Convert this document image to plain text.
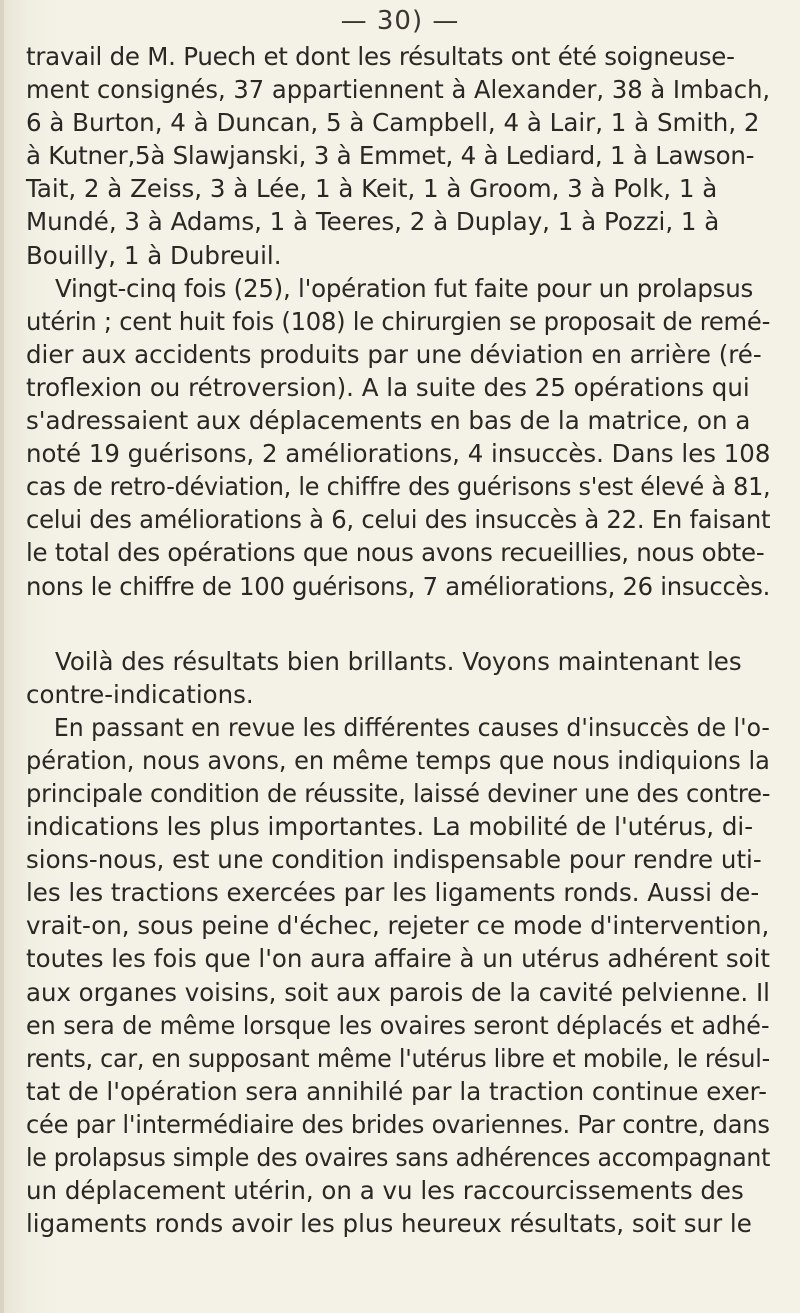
— 30) —
travail de M. Puech et dont les résultats ont été soigneuse-
ment consignés, 37 appartiennent à Alexander, 38 à Imbach,
6 à Burton, 4 à Duncan, 5 à Campbell, 4 à Lair, 1 à Smith, 2
à Kutner,5à Slawjanski, 3 à Emmet, 4 à Lediard, 1 à Lawson-
Tait, 2 à Zeiss, 3 à Lée, 1 à Keit, 1 à Groom, 3 à Polk, 1 à
Mundé, 3 à Adams, 1 à Teeres, 2 à Duplay, 1 à Pozzi, 1 à
Bouilly, 1 à Dubreuil.
Vingt-cinq fois (25), l'opération fut faite pour un prolapsus
utérin ; cent huit fois (108) le chirurgien se proposait de remé-
dier aux accidents produits par une déviation en arrière (ré-
troflexion ou rétroversion). A la suite des 25 opérations qui
s'adressaient aux déplacements en bas de la matrice, on a
noté 19 guérisons, 2 améliorations, 4 insuccès. Dans les 108
cas de retro-déviation, le chiffre des guérisons s'est élevé à 81,
celui des améliorations à 6, celui des insuccès à 22. En faisant
le total des opérations que nous avons recueillies, nous obte-
nons le chiffre de 100 guérisons, 7 améliorations, 26 insuccès.
Voilà des résultats bien brillants. Voyons maintenant les
contre-indications.
En passant en revue les différentes causes d'insuccès de l'o-
pération, nous avons, en même temps que nous indiquions la
principale condition de réussite, laissé deviner une des contre-
indications les plus importantes. La mobilité de l'utérus, di-
sions-nous, est une condition indispensable pour rendre uti-
les les tractions exercées par les ligaments ronds. Aussi de-
vrait-on, sous peine d'échec, rejeter ce mode d'intervention,
toutes les fois que l'on aura affaire à un utérus adhérent soit
aux organes voisins, soit aux parois de la cavité pelvienne. Il
en sera de même lorsque les ovaires seront déplacés et adhé-
rents, car, en supposant même l'utérus libre et mobile, le résul-
tat de l'opération sera annihilé par la traction continue exer-
cée par l'intermédiaire des brides ovariennes. Par contre, dans
le prolapsus simple des ovaires sans adhérences accompagnant
un déplacement utérin, on a vu les raccourcissements des
ligaments ronds avoir les plus heureux résultats, soit sur le
